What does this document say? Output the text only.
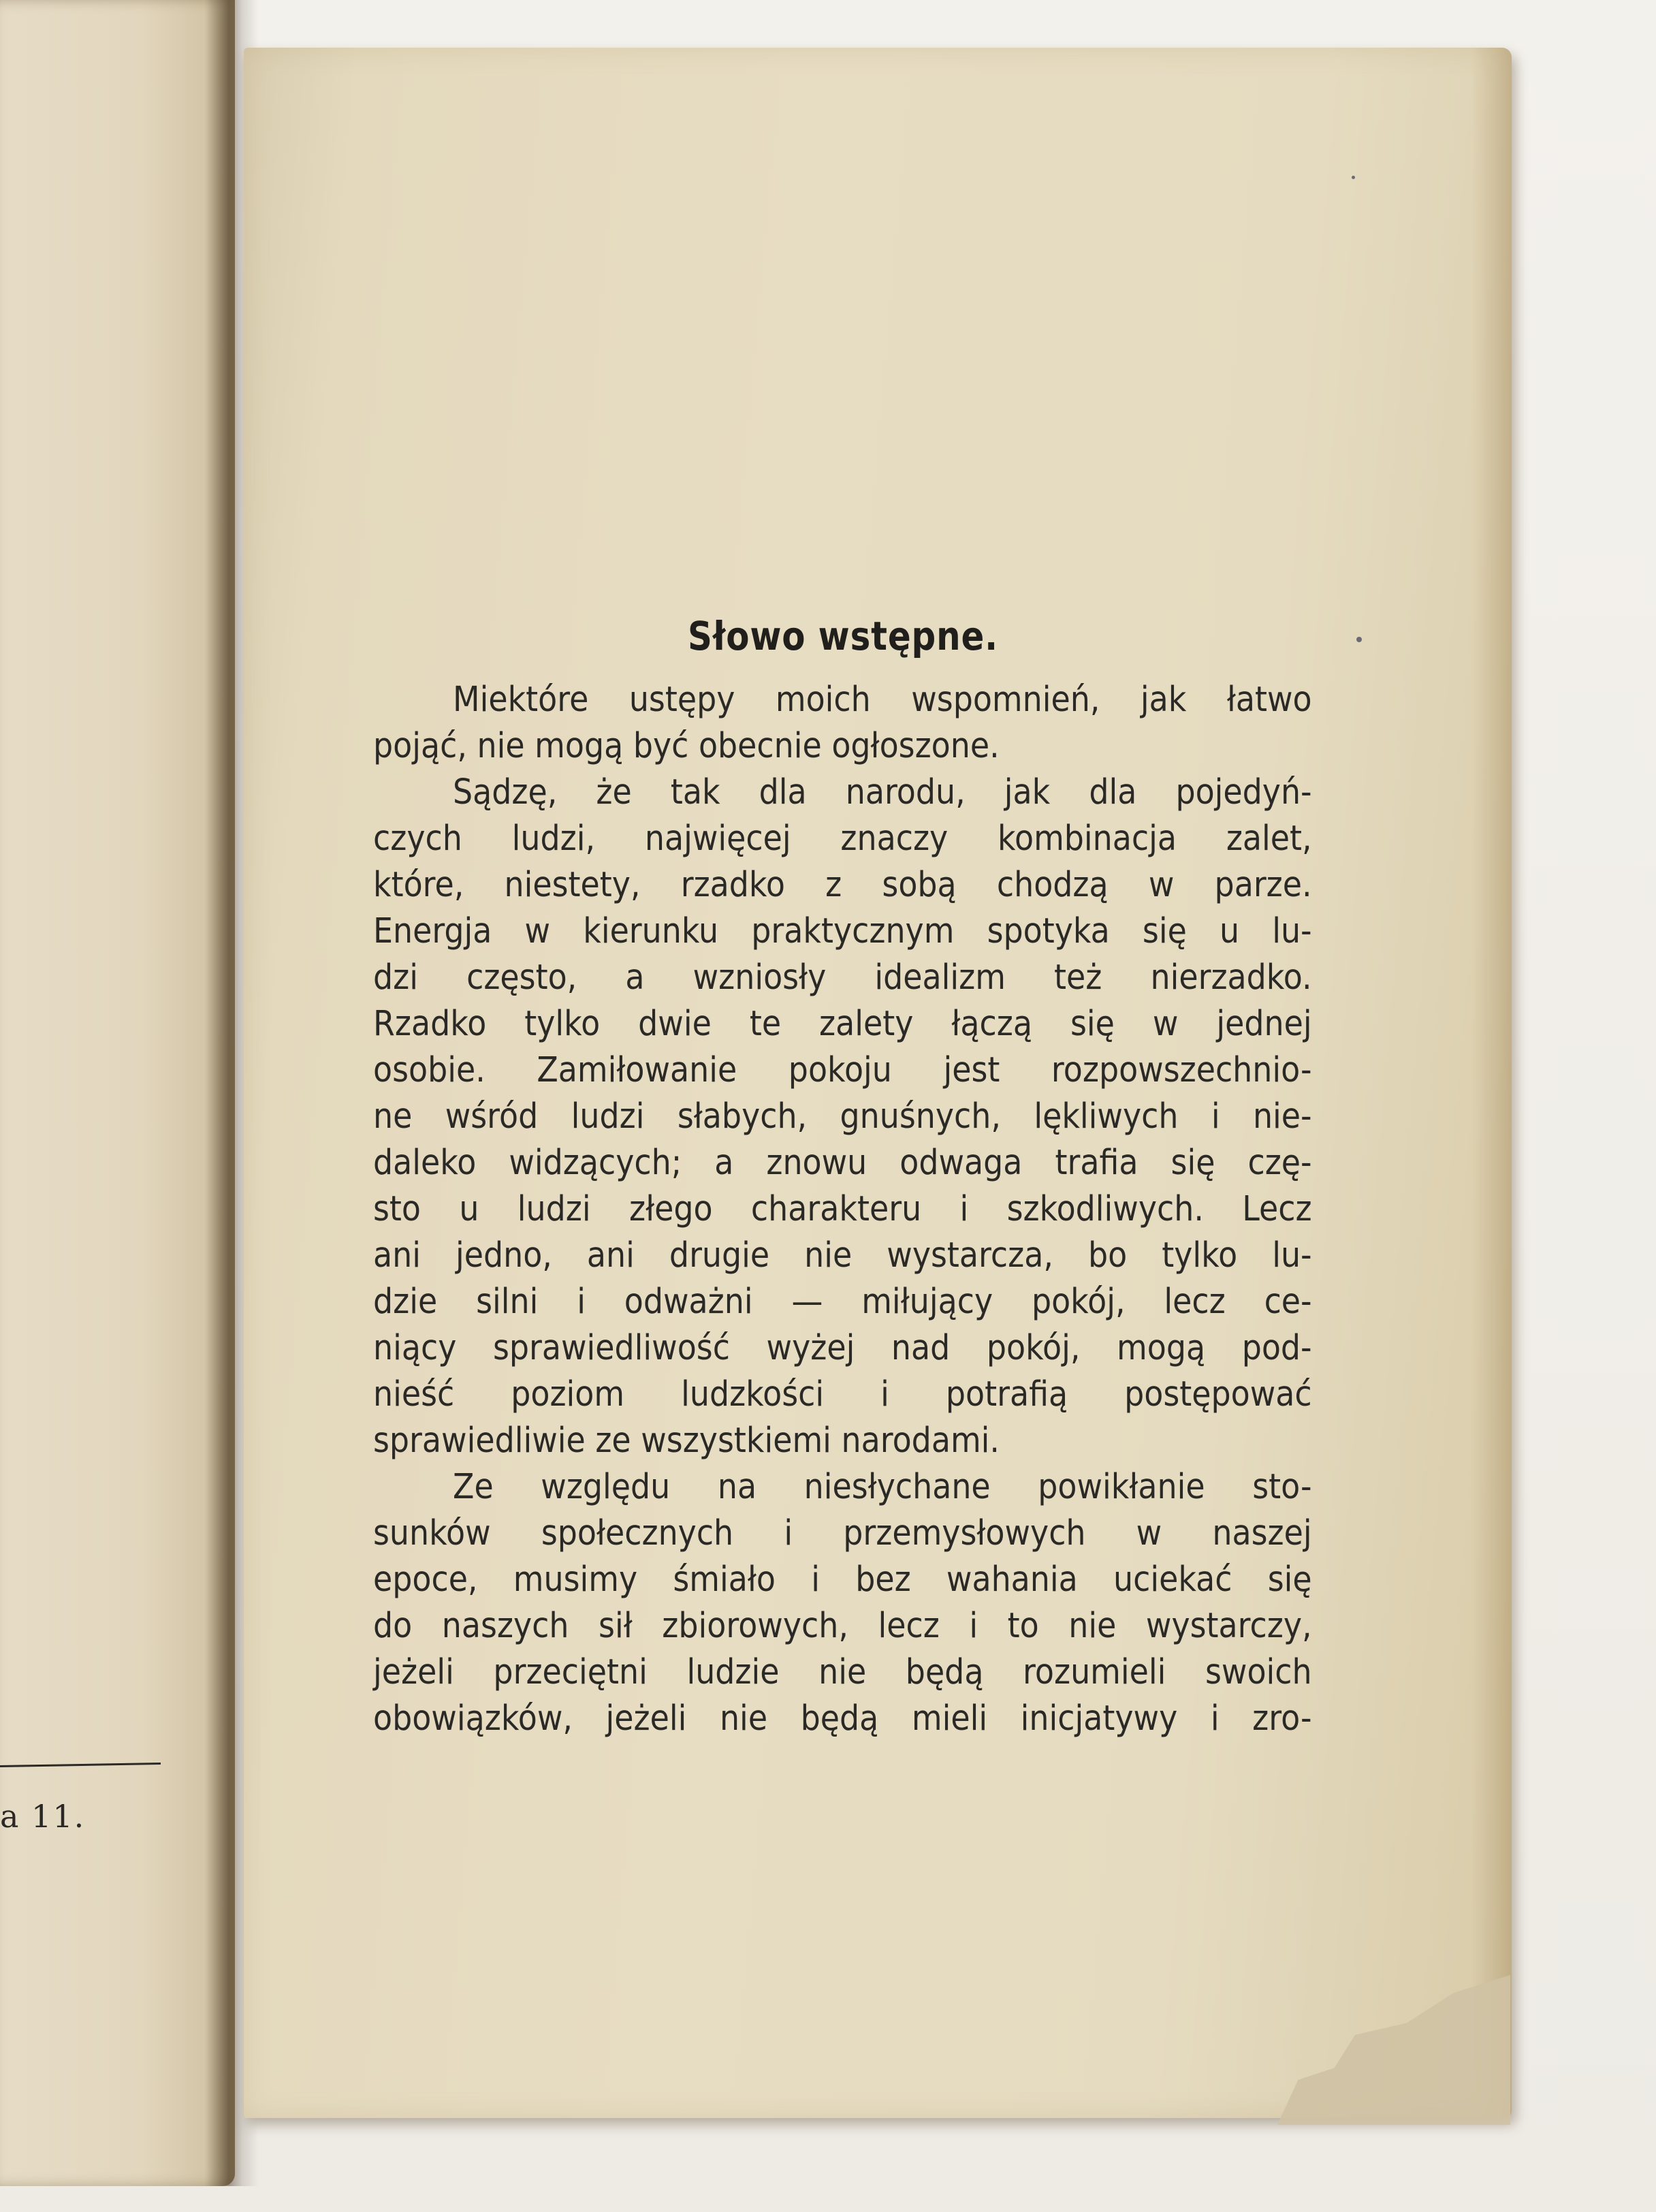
a 11.
Słowo wstępne.
Miektóre ustępy moich wspomnień, jak łatwo
pojąć, nie mogą być obecnie ogłoszone.
Sądzę, że tak dla narodu, jak dla pojedyń-
czych ludzi, najwięcej znaczy kombinacja zalet,
które, niestety, rzadko z sobą chodzą w parze.
Energja w kierunku praktycznym spotyka się u lu-
dzi często, a wzniosły idealizm też nierzadko.
Rzadko tylko dwie te zalety łączą się w jednej
osobie. Zamiłowanie pokoju jest rozpowszechnio-
ne wśród ludzi słabych, gnuśnych, lękliwych i nie-
daleko widzących; a znowu odwaga trafia się czę-
sto u ludzi złego charakteru i szkodliwych. Lecz
ani jedno, ani drugie nie wystarcza, bo tylko lu-
dzie silni i odważni — miłujący pokój, lecz ce-
niący sprawiedliwość wyżej nad pokój, mogą pod-
nieść poziom ludzkości i potrafią postępować
sprawiedliwie ze wszystkiemi narodami.
Ze względu na niesłychane powikłanie sto-
sunków społecznych i przemysłowych w naszej
epoce, musimy śmiało i bez wahania uciekać się
do naszych sił zbiorowych, lecz i to nie wystarczy,
jeżeli przeciętni ludzie nie będą rozumieli swoich
obowiązków, jeżeli nie będą mieli inicjatywy i zro-
